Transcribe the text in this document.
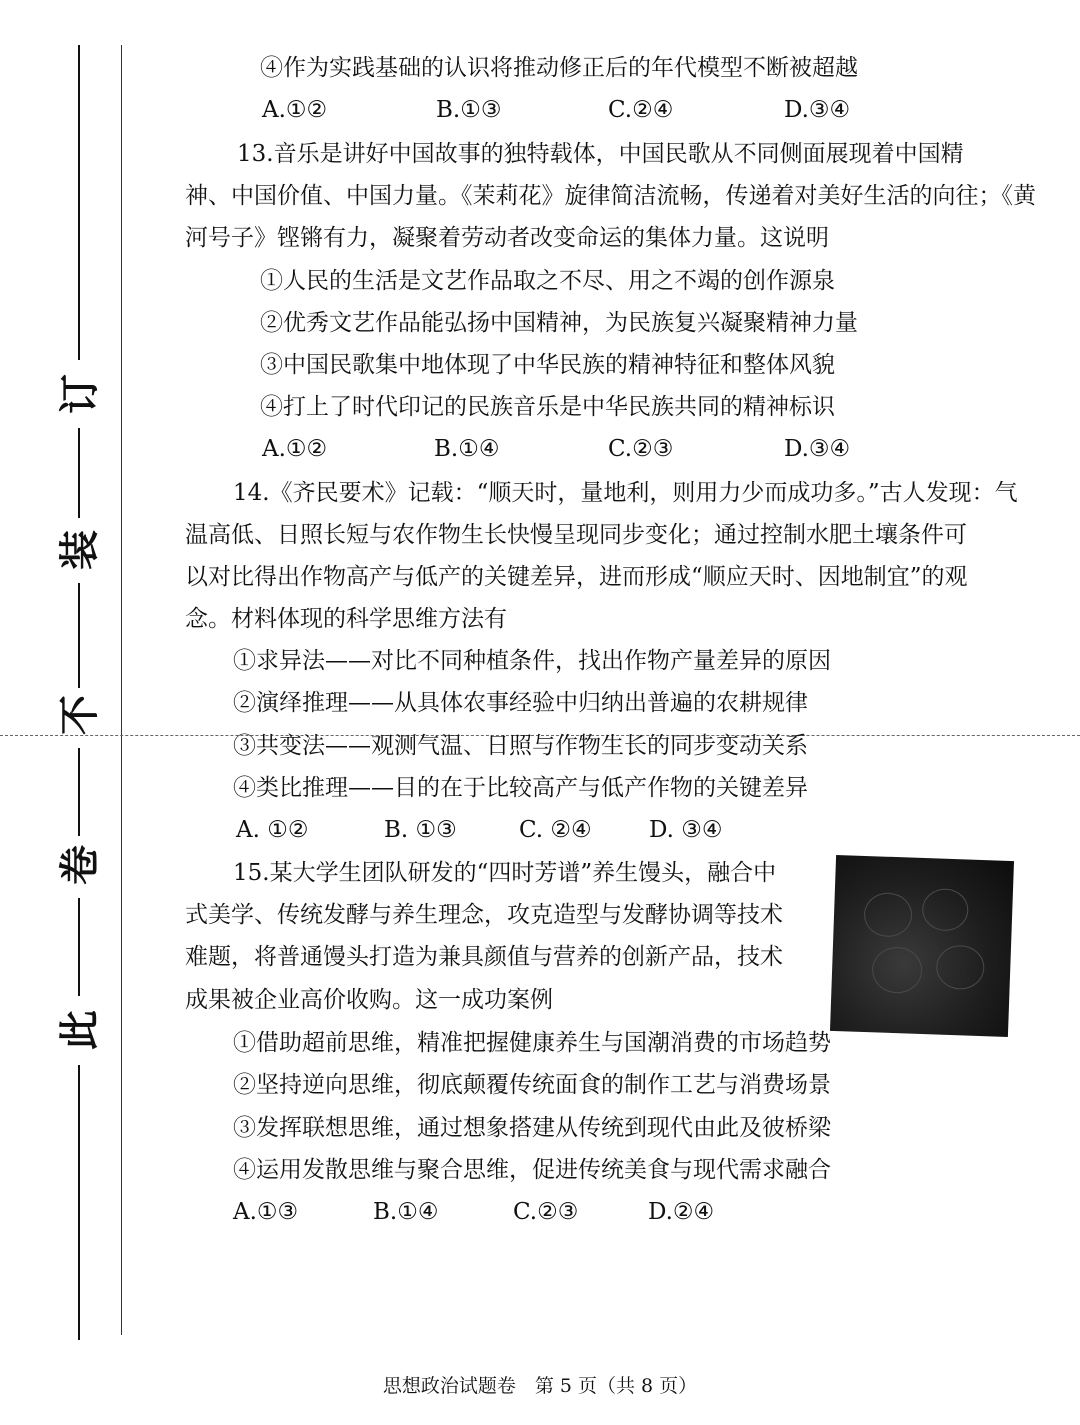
订
装
不
卷
此
④作为实践基础的认识将推动修正后的年代模型不断被超越
A.①②	B.①③	C.②④	D.③④
13.音乐是讲好中国故事的独特载体，中国民歌从不同侧面展现着中国精
神、中国价值、中国力量。《茉莉花》旋律简洁流畅，传递着对美好生活的向往；《黄
河号子》铿锵有力，凝聚着劳动者改变命运的集体力量。这说明
①人民的生活是文艺作品取之不尽、用之不竭的创作源泉
②优秀文艺作品能弘扬中国精神，为民族复兴凝聚精神力量
③中国民歌集中地体现了中华民族的精神特征和整体风貌
④打上了时代印记的民族音乐是中华民族共同的精神标识
A.①②	B.①④	C.②③	D.③④
14.《齐民要术》记载：“顺天时，量地利，则用力少而成功多。”古人发现：气
温高低、日照长短与农作物生长快慢呈现同步变化；通过控制水肥土壤条件可
以对比得出作物高产与低产的关键差异，进而形成“顺应天时、因地制宜”的观
念。材料体现的科学思维方法有
①求异法——对比不同种植条件，找出作物产量差异的原因
②演绎推理——从具体农事经验中归纳出普遍的农耕规律
③共变法——观测气温、日照与作物生长的同步变动关系
④类比推理——目的在于比较高产与低产作物的关键差异
A. ①②	B. ①③	C. ②④ D. ③④
15.某大学生团队研发的“四时芳谱”养生馒头，融合中
式美学、传统发酵与养生理念，攻克造型与发酵协调等技术
难题，将普通馒头打造为兼具颜值与营养的创新产品，技术
成果被企业高价收购。这一成功案例
①借助超前思维，精准把握健康养生与国潮消费的市场趋势
②坚持逆向思维，彻底颠覆传统面食的制作工艺与消费场景
③发挥联想思维，通过想象搭建从传统到现代由此及彼桥梁
④运用发散思维与聚合思维，促进传统美食与现代需求融合
A.①③	B.①④	C.②③	D.②④
思想政治试题卷　第 5 页（共 8 页）
